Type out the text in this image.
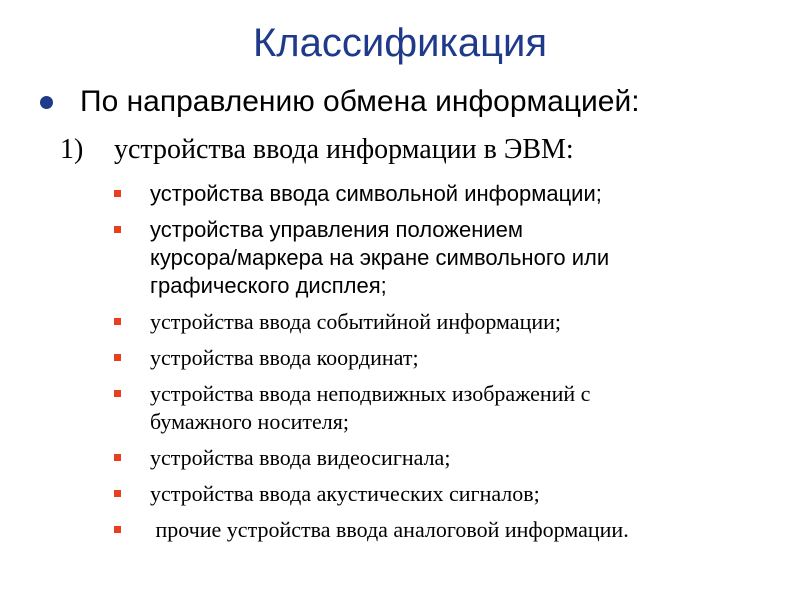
Классификация
По направлению обмена информацией:
1) устройства ввода информации в ЭВМ:
устройства ввода символьной информации;
устройства управления положением
курсора/маркера на экране символьного или
графического дисплея;
устройства ввода событийной информации;
устройства ввода координат;
устройства ввода неподвижных изображений с
бумажного носителя;
устройства ввода видеосигнала;
устройства ввода акустических сигналов;
прочие устройства ввода аналоговой информации.
